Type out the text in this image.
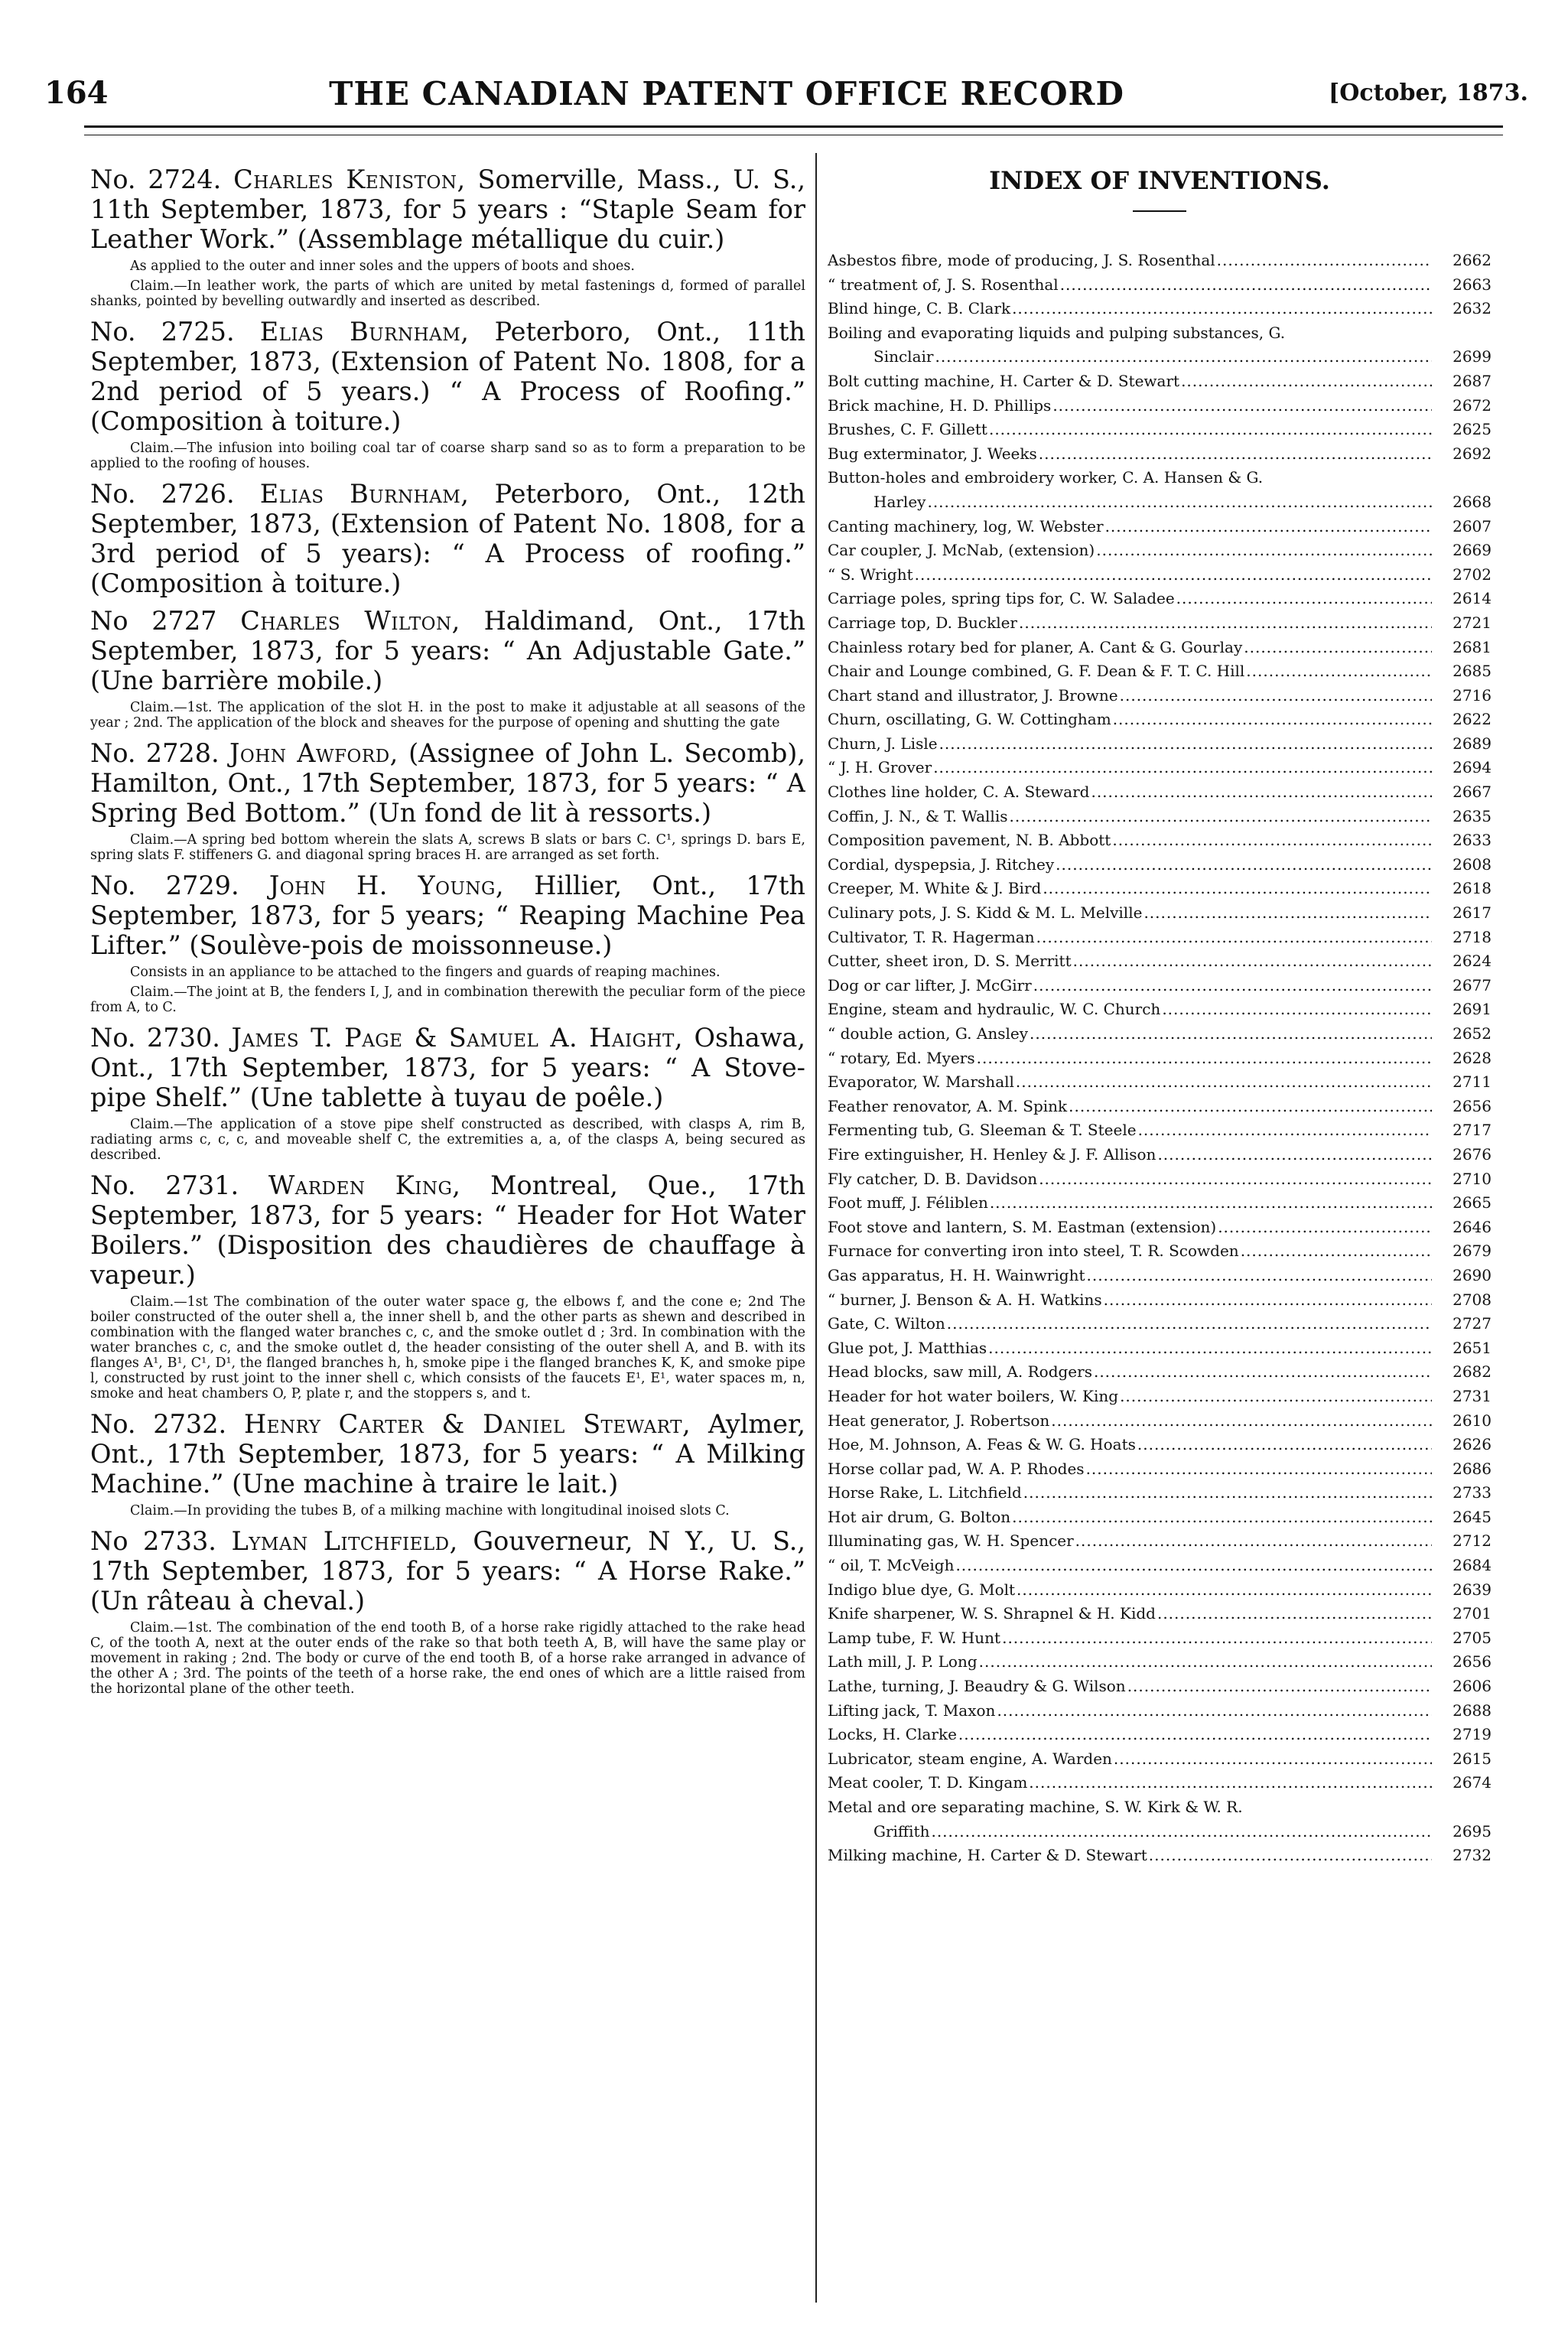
164	THE CANADIAN PATENT OFFICE RECORD	[October, 1873.

No. 2724. Charles Keniston, Somerville, Mass., U. S., 11th September, 1873, for 5 years : “Staple Seam for Leather Work.” (Assemblage métallique du cuir.)

As applied to the outer and inner soles and the uppers of boots and shoes.

Claim.—In leather work, the parts of which are united by metal fastenings d, formed of parallel shanks, pointed by bevelling outwardly and inserted as described.

No. 2725. Elias Burnham, Peterboro, Ont., 11th September, 1873, (Extension of Patent No. 1808, for a 2nd period of 5 years.) “ A Process of Roofing.” (Composition à toiture.)

Claim.—The infusion into boiling coal tar of coarse sharp sand so as to form a preparation to be applied to the roofing of houses.

No. 2726. Elias Burnham, Peterboro, Ont., 12th September, 1873, (Extension of Patent No. 1808, for a 3rd period of 5 years): “ A Process of roofing.” (Composition à toiture.)

No 2727 Charles Wilton, Haldimand, Ont., 17th September, 1873, for 5 years: “ An Adjustable Gate.” (Une barrière mobile.)

Claim.—1st. The application of the slot H. in the post to make it adjustable at all seasons of the year ; 2nd. The application of the block and sheaves for the purpose of opening and shutting the gate

No. 2728. John Awford, (Assignee of John L. Secomb), Hamilton, Ont., 17th September, 1873, for 5 years: “ A Spring Bed Bottom.” (Un fond de lit à ressorts.)

Claim.—A spring bed bottom wherein the slats A, screws B slats or bars C. C¹, springs D. bars E, spring slats F. stiffeners G. and diagonal spring braces H. are arranged as set forth.

No. 2729. John H. Young, Hillier, Ont., 17th September, 1873, for 5 years; “ Reaping Machine Pea Lifter.” (Soulève-pois de moissonneuse.)

Consists in an appliance to be attached to the fingers and guards of reaping machines.

Claim.—The joint at B, the fenders I, J, and in combination therewith the peculiar form of the piece from A, to C.

No. 2730. James T. Page & Samuel A. Haight, Oshawa, Ont., 17th September, 1873, for 5 years: “ A Stove-pipe Shelf.” (Une tablette à tuyau de poêle.)

Claim.—The application of a stove pipe shelf constructed as described, with clasps A, rim B, radiating arms c, c, c, and moveable shelf C, the extremities a, a, of the clasps A, being secured as described.

No. 2731. Warden King, Montreal, Que., 17th September, 1873, for 5 years: “ Header for Hot Water Boilers.” (Disposition des chaudières de chauffage à vapeur.)

Claim.—1st The combination of the outer water space g, the elbows f, and the cone e; 2nd The boiler constructed of the outer shell a, the inner shell b, and the other parts as shewn and described in combination with the flanged water branches c, c, and the smoke outlet d ; 3rd. In combination with the water branches c, c, and the smoke outlet d, the header consisting of the outer shell A, and B. with its flanges A¹, B¹, C¹, D¹, the flanged branches h, h, smoke pipe i the flanged branches K, K, and smoke pipe l, constructed by rust joint to the inner shell c, which consists of the faucets E¹, E¹, water spaces m, n, smoke and heat chambers O, P, plate r, and the stoppers s, and t.

No. 2732. Henry Carter & Daniel Stewart, Aylmer, Ont., 17th September, 1873, for 5 years: “ A Milking Machine.” (Une machine à traire le lait.)

Claim.—In providing the tubes B, of a milking machine with longitudinal inoised slots C.

No 2733. Lyman Litchfield, Gouverneur, N Y., U. S., 17th September, 1873, for 5 years: “ A Horse Rake.” (Un râteau à cheval.)

Claim.—1st. The combination of the end tooth B, of a horse rake rigidly attached to the rake head C, of the tooth A, next at the outer ends of the rake so that both teeth A, B, will have the same play or movement in raking ; 2nd. The body or curve of the end tooth B, of a horse rake arranged in advance of the other A ; 3rd. The points of the teeth of a horse rake, the end ones of which are a little raised from the horizontal plane of the other teeth.

INDEX OF INVENTIONS.
Asbestos fibre, mode of producing, J. S. Rosenthal .....	2662
“ treatment of, J. S. Rosenthal .....	2663
Blind hinge, C. B. Clark .....	2632
Boiling and evaporating liquids and pulping substances, G.
Sinclair .....	2699
Bolt cutting machine, H. Carter & D. Stewart .....	2687
Brick machine, H. D. Phillips .....	2672
Brushes, C. F. Gillett .....	2625
Bug exterminator, J. Weeks .....	2692
Button-holes and embroidery worker, C. A. Hansen & G.
Harley .....	2668
Canting machinery, log, W. Webster .....	2607
Car coupler, J. McNab, (extension) .....	2669
“ S. Wright .....	2702
Carriage poles, spring tips for, C. W. Saladee .....	2614
Carriage top, D. Buckler .....	2721
Chainless rotary bed for planer, A. Cant & G. Gourlay .....	2681
Chair and Lounge combined, G. F. Dean & F. T. C. Hill .....	2685
Chart stand and illustrator, J. Browne .....	2716
Churn, oscillating, G. W. Cottingham .....	2622
Churn, J. Lisle .....	2689
“ J. H. Grover .....	2694
Clothes line holder, C. A. Steward .....	2667
Coffin, J. N., & T. Wallis .....	2635
Composition pavement, N. B. Abbott .....	2633
Cordial, dyspepsia, J. Ritchey .....	2608
Creeper, M. White & J. Bird .....	2618
Culinary pots, J. S. Kidd & M. L. Melville .....	2617
Cultivator, T. R. Hagerman .....	2718
Cutter, sheet iron, D. S. Merritt .....	2624
Dog or car lifter, J. McGirr .....	2677
Engine, steam and hydraulic, W. C. Church .....	2691
“ double action, G. Ansley .....	2652
“ rotary, Ed. Myers .....	2628
Evaporator, W. Marshall .....	2711
Feather renovator, A. M. Spink .....	2656
Fermenting tub, G. Sleeman & T. Steele .....	2717
Fire extinguisher, H. Henley & J. F. Allison .....	2676
Fly catcher, D. B. Davidson .....	2710
Foot muff, J. Féliblen .....	2665
Foot stove and lantern, S. M. Eastman (extension) .....	2646
Furnace for converting iron into steel, T. R. Scowden .....	2679
Gas apparatus, H. H. Wainwright .....	2690
“ burner, J. Benson & A. H. Watkins .....	2708
Gate, C. Wilton .....	2727
Glue pot, J. Matthias .....	2651
Head blocks, saw mill, A. Rodgers .....	2682
Header for hot water boilers, W. King .....	2731
Heat generator, J. Robertson .....	2610
Hoe, M. Johnson, A. Feas & W. G. Hoats .....	2626
Horse collar pad, W. A. P. Rhodes .....	2686
Horse Rake, L. Litchfield .....	2733
Hot air drum, G. Bolton .....	2645
Illuminating gas, W. H. Spencer .....	2712
“ oil, T. McVeigh .....	2684
Indigo blue dye, G. Molt .....	2639
Knife sharpener, W. S. Shrapnel & H. Kidd .....	2701
Lamp tube, F. W. Hunt .....	2705
Lath mill, J. P. Long .....	2656
Lathe, turning, J. Beaudry & G. Wilson .....	2606
Lifting jack, T. Maxon .....	2688
Locks, H. Clarke .....	2719
Lubricator, steam engine, A. Warden .....	2615
Meat cooler, T. D. Kingam .....	2674
Metal and ore separating machine, S. W. Kirk & W. R.
Griffith .....	2695
Milking machine, H. Carter & D. Stewart .....	2732
